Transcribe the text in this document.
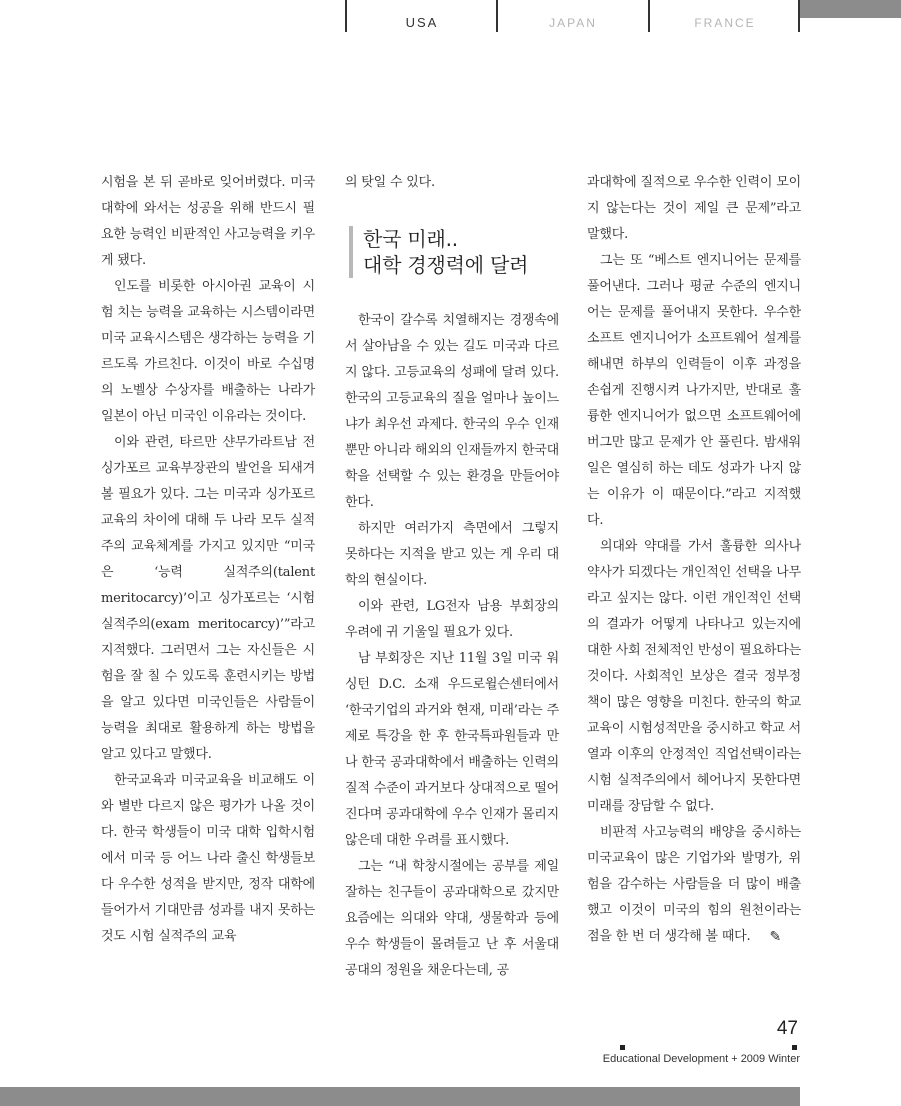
USA	JAPAN	FRANCE

시험을 본 뒤 곧바로 잊어버렸다. 미국 대학에 와서는 성공을 위해 반드시 필요한 능력인 비판적인 사고능력을 키우게 됐다.

인도를 비롯한 아시아권 교육이 시험 치는 능력을 교육하는 시스템이라면 미국 교육시스템은 생각하는 능력을 기르도록 가르친다. 이것이 바로 수십명의 노벨상 수상자를 배출하는 나라가 일본이 아닌 미국인 이유라는 것이다.

이와 관련, 타르만 샨무가라트남 전 싱가포르 교육부장관의 발언을 되새겨볼 필요가 있다. 그는 미국과 싱가포르 교육의 차이에 대해 두 나라 모두 실적주의 교육체계를 가지고 있지만 “미국은 ‘능력 실적주의(talent meritocarcy)’이고 싱가포르는 ‘시험 실적주의(exam meritocarcy)’”라고 지적했다. 그러면서 그는 자신들은 시험을 잘 칠 수 있도록 훈련시키는 방법을 알고 있다면 미국인들은 사람들이 능력을 최대로 활용하게 하는 방법을 알고 있다고 말했다.

한국교육과 미국교육을 비교해도 이와 별반 다르지 않은 평가가 나올 것이다. 한국 학생들이 미국 대학 입학시험에서 미국 등 어느 나라 출신 학생들보다 우수한 성적을 받지만, 정작 대학에 들어가서 기대만큼 성과를 내지 못하는 것도 시험 실적주의 교육

의 탓일 수 있다.

한국 미래..
대학 경쟁력에 달려

한국이 갈수록 치열해지는 경쟁속에서 살아남을 수 있는 길도 미국과 다르지 않다. 고등교육의 성패에 달려 있다. 한국의 고등교육의 질을 얼마나 높이느냐가 최우선 과제다. 한국의 우수 인재뿐만 아니라 해외의 인재들까지 한국대학을 선택할 수 있는 환경을 만들어야 한다.

하지만 여러가지 측면에서 그렇지 못하다는 지적을 받고 있는 게 우리 대학의 현실이다.

이와 관련, LG전자 남용 부회장의 우려에 귀 기울일 필요가 있다.

남 부회장은 지난 11월 3일 미국 워싱턴 D.C. 소재 우드로윌슨센터에서 ‘한국기업의 과거와 현재, 미래’라는 주제로 특강을 한 후 한국특파원들과 만나 한국 공과대학에서 배출하는 인력의 질적 수준이 과거보다 상대적으로 떨어진다며 공과대학에 우수 인재가 몰리지 않은데 대한 우려를 표시했다.

그는 “내 학창시절에는 공부를 제일 잘하는 친구들이 공과대학으로 갔지만 요즘에는 의대와 약대, 생물학과 등에 우수 학생들이 몰려들고 난 후 서울대 공대의 정원을 채운다는데, 공

과대학에 질적으로 우수한 인력이 모이지 않는다는 것이 제일 큰 문제”라고 말했다.

그는 또 “베스트 엔지니어는 문제를 풀어낸다. 그러나 평균 수준의 엔지니어는 문제를 풀어내지 못한다. 우수한 소프트 엔지니어가 소프트웨어 설계를 해내면 하부의 인력들이 이후 과정을 손쉽게 진행시켜 나가지만, 반대로 훌륭한 엔지니어가 없으면 소프트웨어에 버그만 많고 문제가 안 풀린다. 밤새워 일은 열심히 하는 데도 성과가 나지 않는 이유가 이 때문이다.”라고 지적했다.

의대와 약대를 가서 훌륭한 의사나 약사가 되겠다는 개인적인 선택을 나무라고 싶지는 않다. 이런 개인적인 선택의 결과가 어떻게 나타나고 있는지에 대한 사회 전체적인 반성이 필요하다는 것이다. 사회적인 보상은 결국 정부정책이 많은 영향을 미친다. 한국의 학교교육이 시험성적만을 중시하고 학교 서열과 이후의 안정적인 직업선택이라는 시험 실적주의에서 헤어나지 못한다면 미래를 장담할 수 없다.

비판적 사고능력의 배양을 중시하는 미국교육이 많은 기업가와 발명가, 위험을 감수하는 사람들을 더 많이 배출했고 이것이 미국의 힘의 원천이라는 점을 한 번 더 생각해 볼 때다. ✎

47
Educational Development + 2009 Winter
